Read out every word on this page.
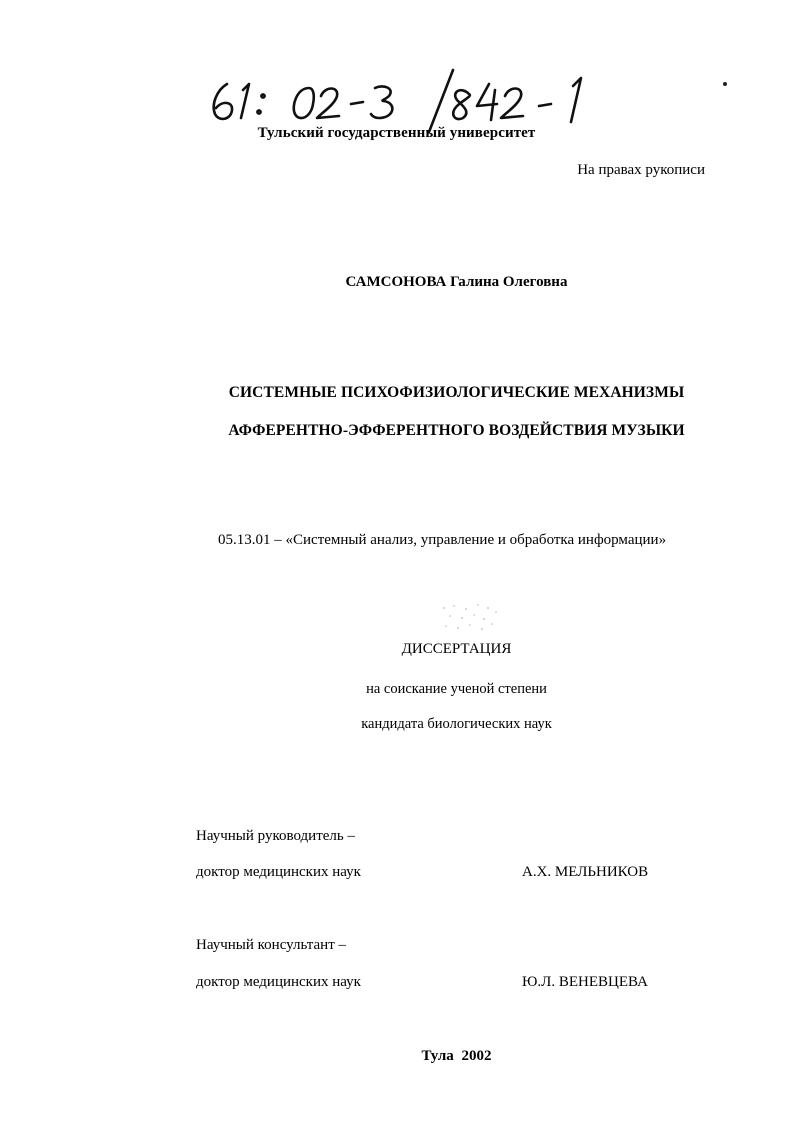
Тульский государственный университет
На правах рукописи
САМСОНОВА Галина Олеговна
СИСТЕМНЫЕ ПСИХОФИЗИОЛОГИЧЕСКИЕ МЕХАНИЗМЫ
АФФЕРЕНТНО-ЭФФЕРЕНТНОГО ВОЗДЕЙСТВИЯ МУЗЫКИ
05.13.01 – «Системный анализ, управление и обработка информации»
ДИССЕРТАЦИЯ
на соискание ученой степени
кандидата биологических наук
Научный руководитель –
доктор медицинских наук	А.Х. МЕЛЬНИКОВ
Научный консультант –
доктор медицинских наук	Ю.Л. ВЕНЕВЦЕВА
Тула 2002
